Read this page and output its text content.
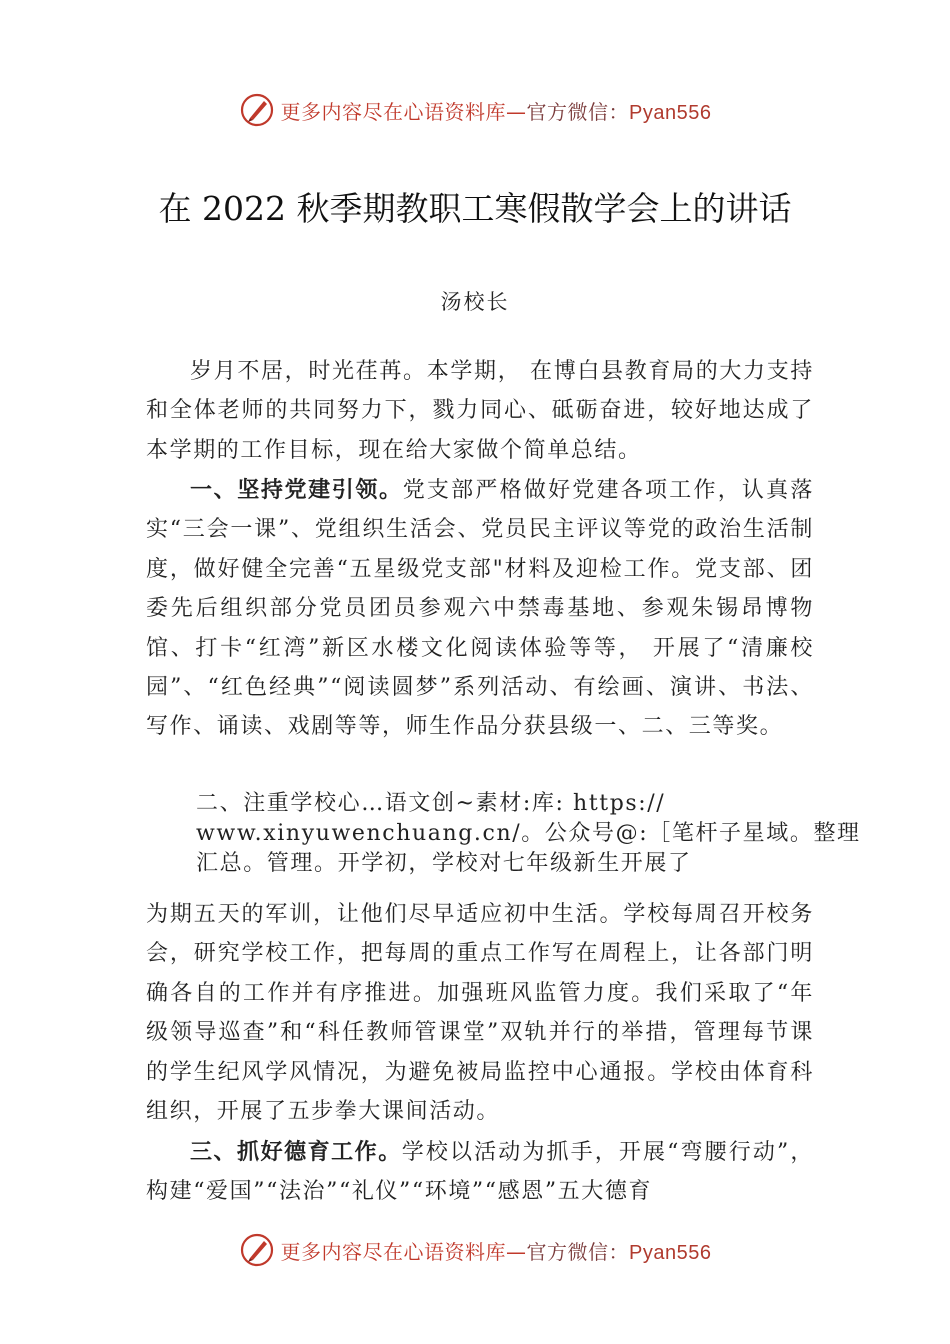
更多内容尽在心语资料库—官方微信：Pyan556
在 2022 秋季期教职工寒假散学会上的讲话
汤校长

岁月不居，时光荏苒。本学期， 在博白县教育局的大力支持和全体老师的共同努力下，戮力同心、砥砺奋进，较好地达成了本学期的工作目标，现在给大家做个简单总结。

一、坚持党建引领。党支部严格做好党建各项工作，认真落实“三会一课”、党组织生活会、党员民主评议等党的政治生活制度，做好健全完善“五星级党支部"材料及迎检工作。党支部、团委先后组织部分党员团员参观六中禁毒基地、参观朱锡昂博物馆、打卡“红湾”新区水楼文化阅读体验等等， 开展了“清廉校园”、“红色经典”“阅读圆梦”系列活动、有绘画、演讲、书法、写作、诵读、戏剧等等，师生作品分获县级一、二、三等奖。

二、注重学校心…语文创~素材:库: https://
www.xinyuwenchuang.cn/。公众号@:［笔杆子星域。整理
汇总。管理。开学初，学校对七年级新生开展了

为期五天的军训，让他们尽早适应初中生活。学校每周召开校务会，研究学校工作，把每周的重点工作写在周程上，让各部门明确各自的工作并有序推进。加强班风监管力度。我们采取了“年级领导巡查”和“科任教师管课堂”双轨并行的举措，管理每节课的学生纪风学风情况，为避免被局监控中心通报。学校由体育科组织，开展了五步拳大课间活动。

三、抓好德育工作。学校以活动为抓手，开展“弯腰行动”，构建“爱国”“法治”“礼仪”“环境”“感恩”五大德育

更多内容尽在心语资料库—官方微信：Pyan556
